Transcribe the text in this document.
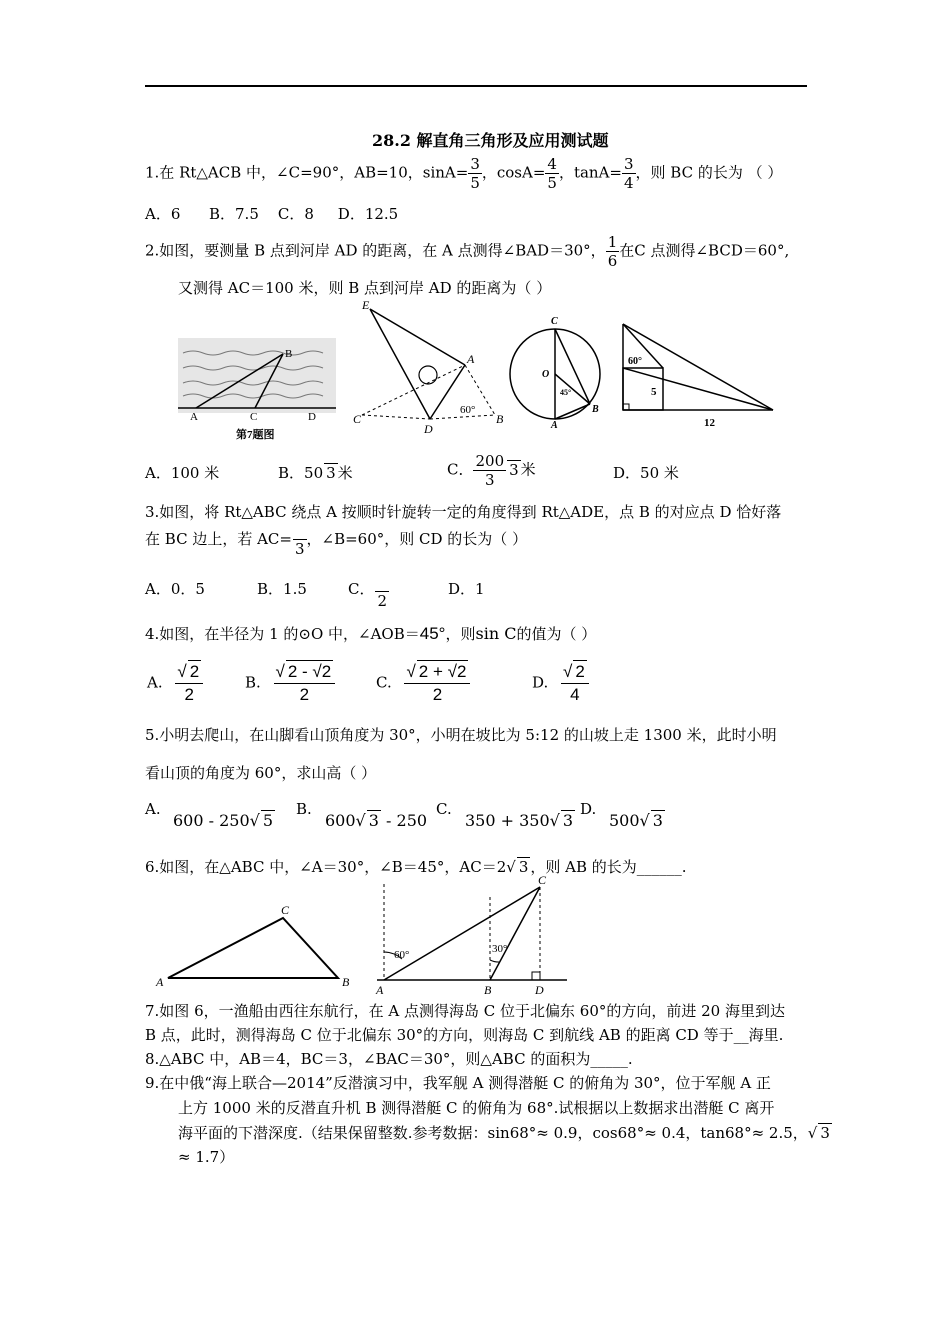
28.2 解直角三角形及应用测试题
1.在 Rt△ACB 中，∠C=90°，AB=10，$\sin A= \frac{3}{5}$ ，$\cos A= \frac{4}{5}$ ，$\tan A= \frac{3}{4}$ ，则 BC 的长为 （ ）
A．6      B．7.5    C．8     D．12.5
2.如图，要测量 B 点到河岸 AD 的距离，在 A 点测得∠BAD＝30°， $\frac{1}{6}$ 在C 点测得∠BCD＝60°,
又测得 AC＝100 米，则 B 点到河岸 AD 的距离为（ ）
A	C	D
B
第7题图
E
A
C
D
B
60°
C
O
A
B
45°
60°
5
12
A．100 米	B．50 3 米	C． $\frac{200}{3} 3$ 米	D．50 米
3.如图，将 Rt△ABC 绕点 A 按顺时针旋转一定的角度得到 Rt△ADE，点 B 的对应点 D 恰好落
在 BC 边上，若 AC=3，∠B=60°，则 CD 的长为（ ）
A．0．5	B．1.5	C．2
D．1
4.如图，在半径为 1 的⊙O 中，∠AOB＝45°，则sin C的值为（ ）
A. $\frac{√ 2}{2}$	B. $\frac{√ 2 - √2}{2}$	C. $\frac{√ 2 + √2}{2}$	D. $\frac{√ 2}{4}$
5.小明去爬山，在山脚看山顶角度为 30°，小明在坡比为 5:12 的山坡上走 1300 米，此时小明
看山顶的角度为 60°，求山高（ ）
A.
600 - 250√ 5
B.
600√ 3 - 250
C.
350 + 350√ 3
D.
500√ 3
6.如图，在△ABC 中，∠A＝30°，∠B＝45°，AC＝2√ 3 ，则 AB 的长为______.
C
A	B
C
A	B	D
60°	30°
7.如图 6，一渔船由西往东航行，在 A 点测得海岛 C 位于北偏东 60°的方向，前进 20 海里到达
B 点，此时，测得海岛 C 位于北偏东 30°的方向，则海岛 C 到航线 AB 的距离 CD 等于__海里.
8.△ABC 中，AB＝4，BC＝3，∠BAC＝30°，则△ABC 的面积为_____.
9.在中俄“海上联合—2014”反潜演习中，我军舰 A 测得潜艇 C 的俯角为 30°，位于军舰 A 正
上方 1000 米的反潜直升机 B 测得潜艇 C 的俯角为 68°.试根据以上数据求出潜艇 C 离开
海平面的下潜深度.（结果保留整数.参考数据：sin68°≈ 0.9，cos68°≈ 0.4，tan68°≈ 2.5，√ 3
≈ 1.7）
